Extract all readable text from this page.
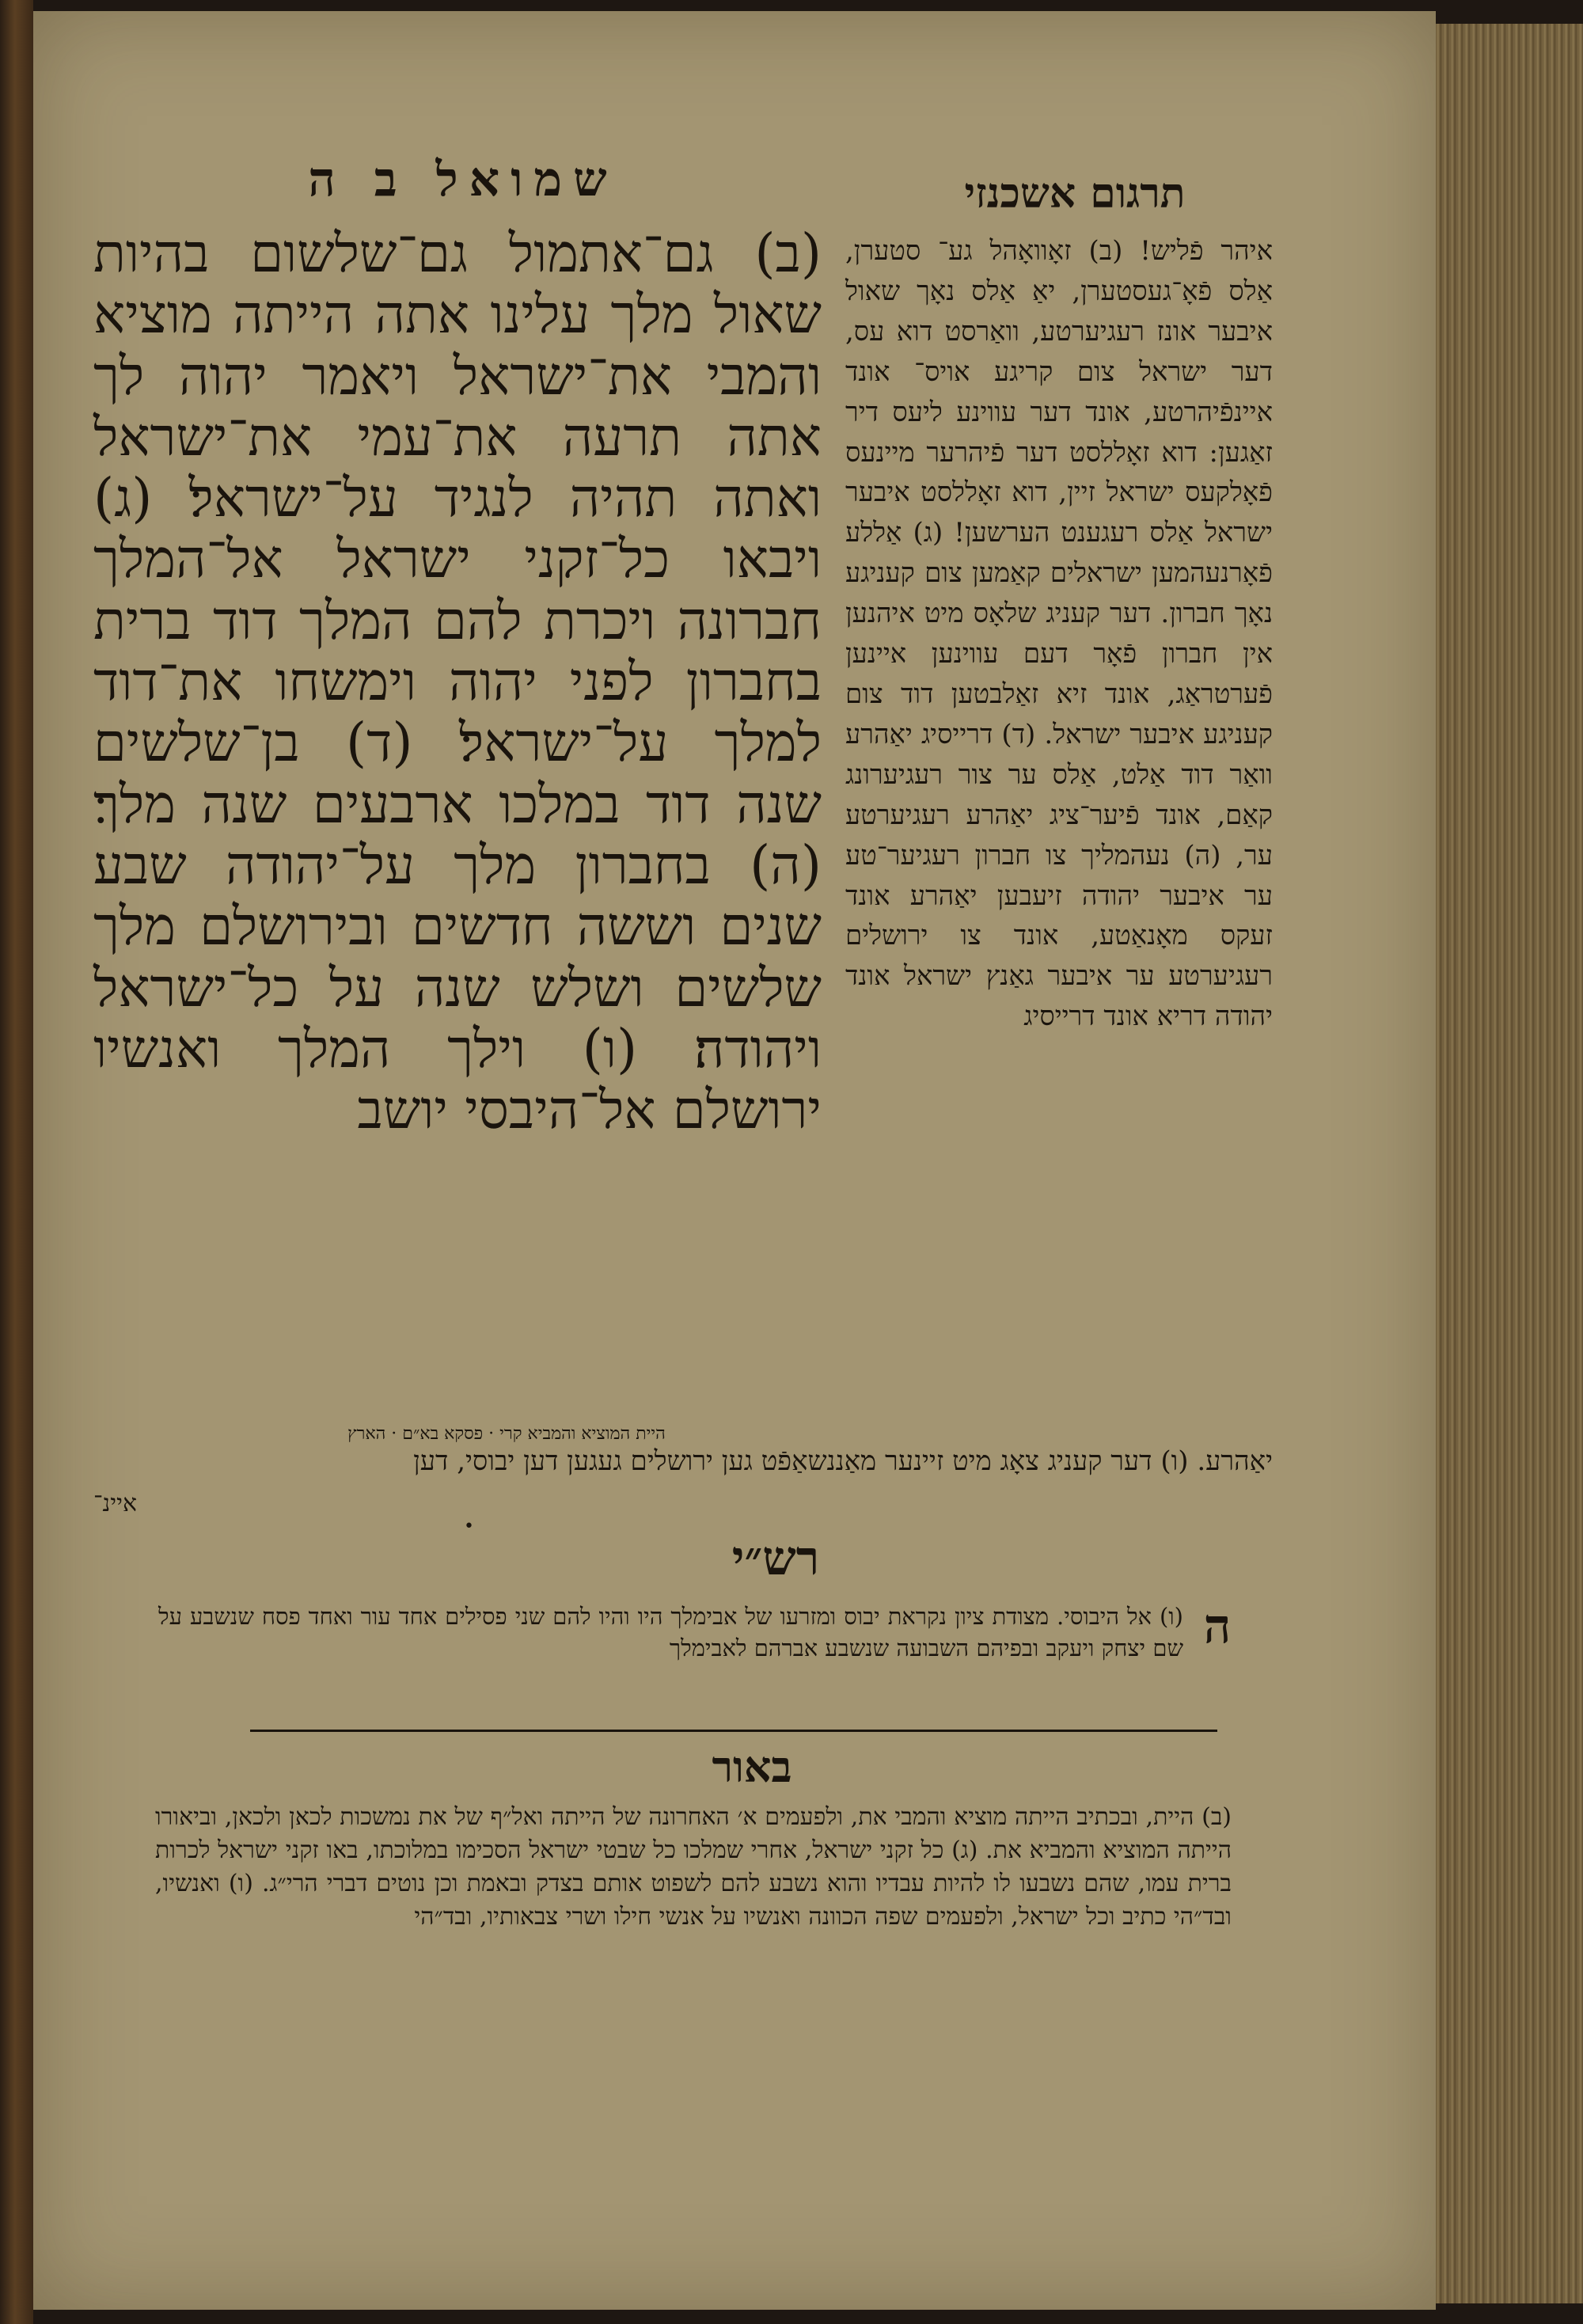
שמואל ב ה	תרגום אשכנזי
(ב) גם־אתמול גם־שלשום בהיות שאול מלך עלינו אתה הייתה מוציא והמבי את־ישראל ויאמר יהוה לך אתה תרעה את־עמי את־ישראל ואתה תהיה לנגיד על־ישראל׃ (ג) ויבאו כל־זקני ישראל אל־המלך חברונה ויכרת להם המלך דוד ברית בחברון לפני יהוה וימשחו את־דוד למלך על־ישראל׃ (ד) בן־שלשים שנה דוד במלכו ארבעים שנה מלך׃ (ה) בחברון מלך על־יהודה שבע שנים וששה חדשים ובירושלם מלך שלשים ושלש שנה על כל־ישראל ויהודה׃ (ו) וילך המלך ואנשיו ירושלם אל־היבסי יושב
איהר פֿליש! (ב) זאָוואָהל גע־ סטערן, אַלס פֿאָ־געסטערן, יאַ אַלס נאָך שאול איבער אונז רעגיערטע, וואַרסט דוא עס, דער ישראל צום קריגע אויס־ אונד איינפֿיהרטע, אונד דער עווינע ליעס דיר זאַגען: דוא זאָללסט דער פֿיהרער מיינעס פֿאָלקעס ישראל זיין, דוא זאָללסט איבער ישראל אַלס רעגענט הערשען! (ג) אַללע פֿאָרנעהמען ישראלים קאַמען צום קעניגע נאָך חברון. דער קעניג שלאָס מיט איהנען אין חברון פֿאָר דעם עווינען איינען פֿערטראַג, אונד זיא זאַלבטען דוד צום קעניגע איבער ישראל. (ד) דרייסיג יאַהרע וואַר דוד אַלט, אַלס ער צור רעגיערונג קאַם, אונד פֿיער־ציג יאַהרע רעגיערטע ער, (ה) נעהמליך צו חברון רעגיער־טע ער איבער יהודה זיעבען יאַהרע אונד זעקס מאָנאַטע, אונד צו ירושלים רעגיערטע ער איבער גאַנץ ישראל אונד יהודה דריא אונד דרייסיג
היית המוציא והמביא קרי · פסקא בא״ם · הארץ
יאַהרע. (ו) דער קעניג צאָג מיט זיינער מאַננשאַפֿט גען ירושלים געגען דען יבוסי, דען
איינ־
•
רש״י
ה
(ו) אל היבוסי. מצודת ציון נקראת יבוס ומזרעו של אבימלך היו והיו להם שני פסילים אחד עור ואחד פסח שנשבע על שם יצחק ויעקב ובפיהם השבועה שנשבע אברהם לאבימלך
באור
(ב) היית, ובכתיב הייתה מוציא והמבי את, ולפעמים א׳ האחרונה של הייתה ואל״ף של את נמשכות לכאן ולכאן, וביאורו הייתה המוציא והמביא את. (ג) כל זקני ישראל, אחרי שמלכו כל שבטי ישראל הסכימו במלוכתו, באו זקני ישראל לכרות ברית עמו, שהם נשבעו לו להיות עבדיו והוא נשבע להם לשפוט אותם בצדק ובאמת וכן נוטים דברי הרי״ג. (ו) ואנשיו, ובד״הי כתיב וכל ישראל, ולפעמים שפה הכוונה ואנשיו על אנשי חילו ושרי צבאותיו, ובד״הי
